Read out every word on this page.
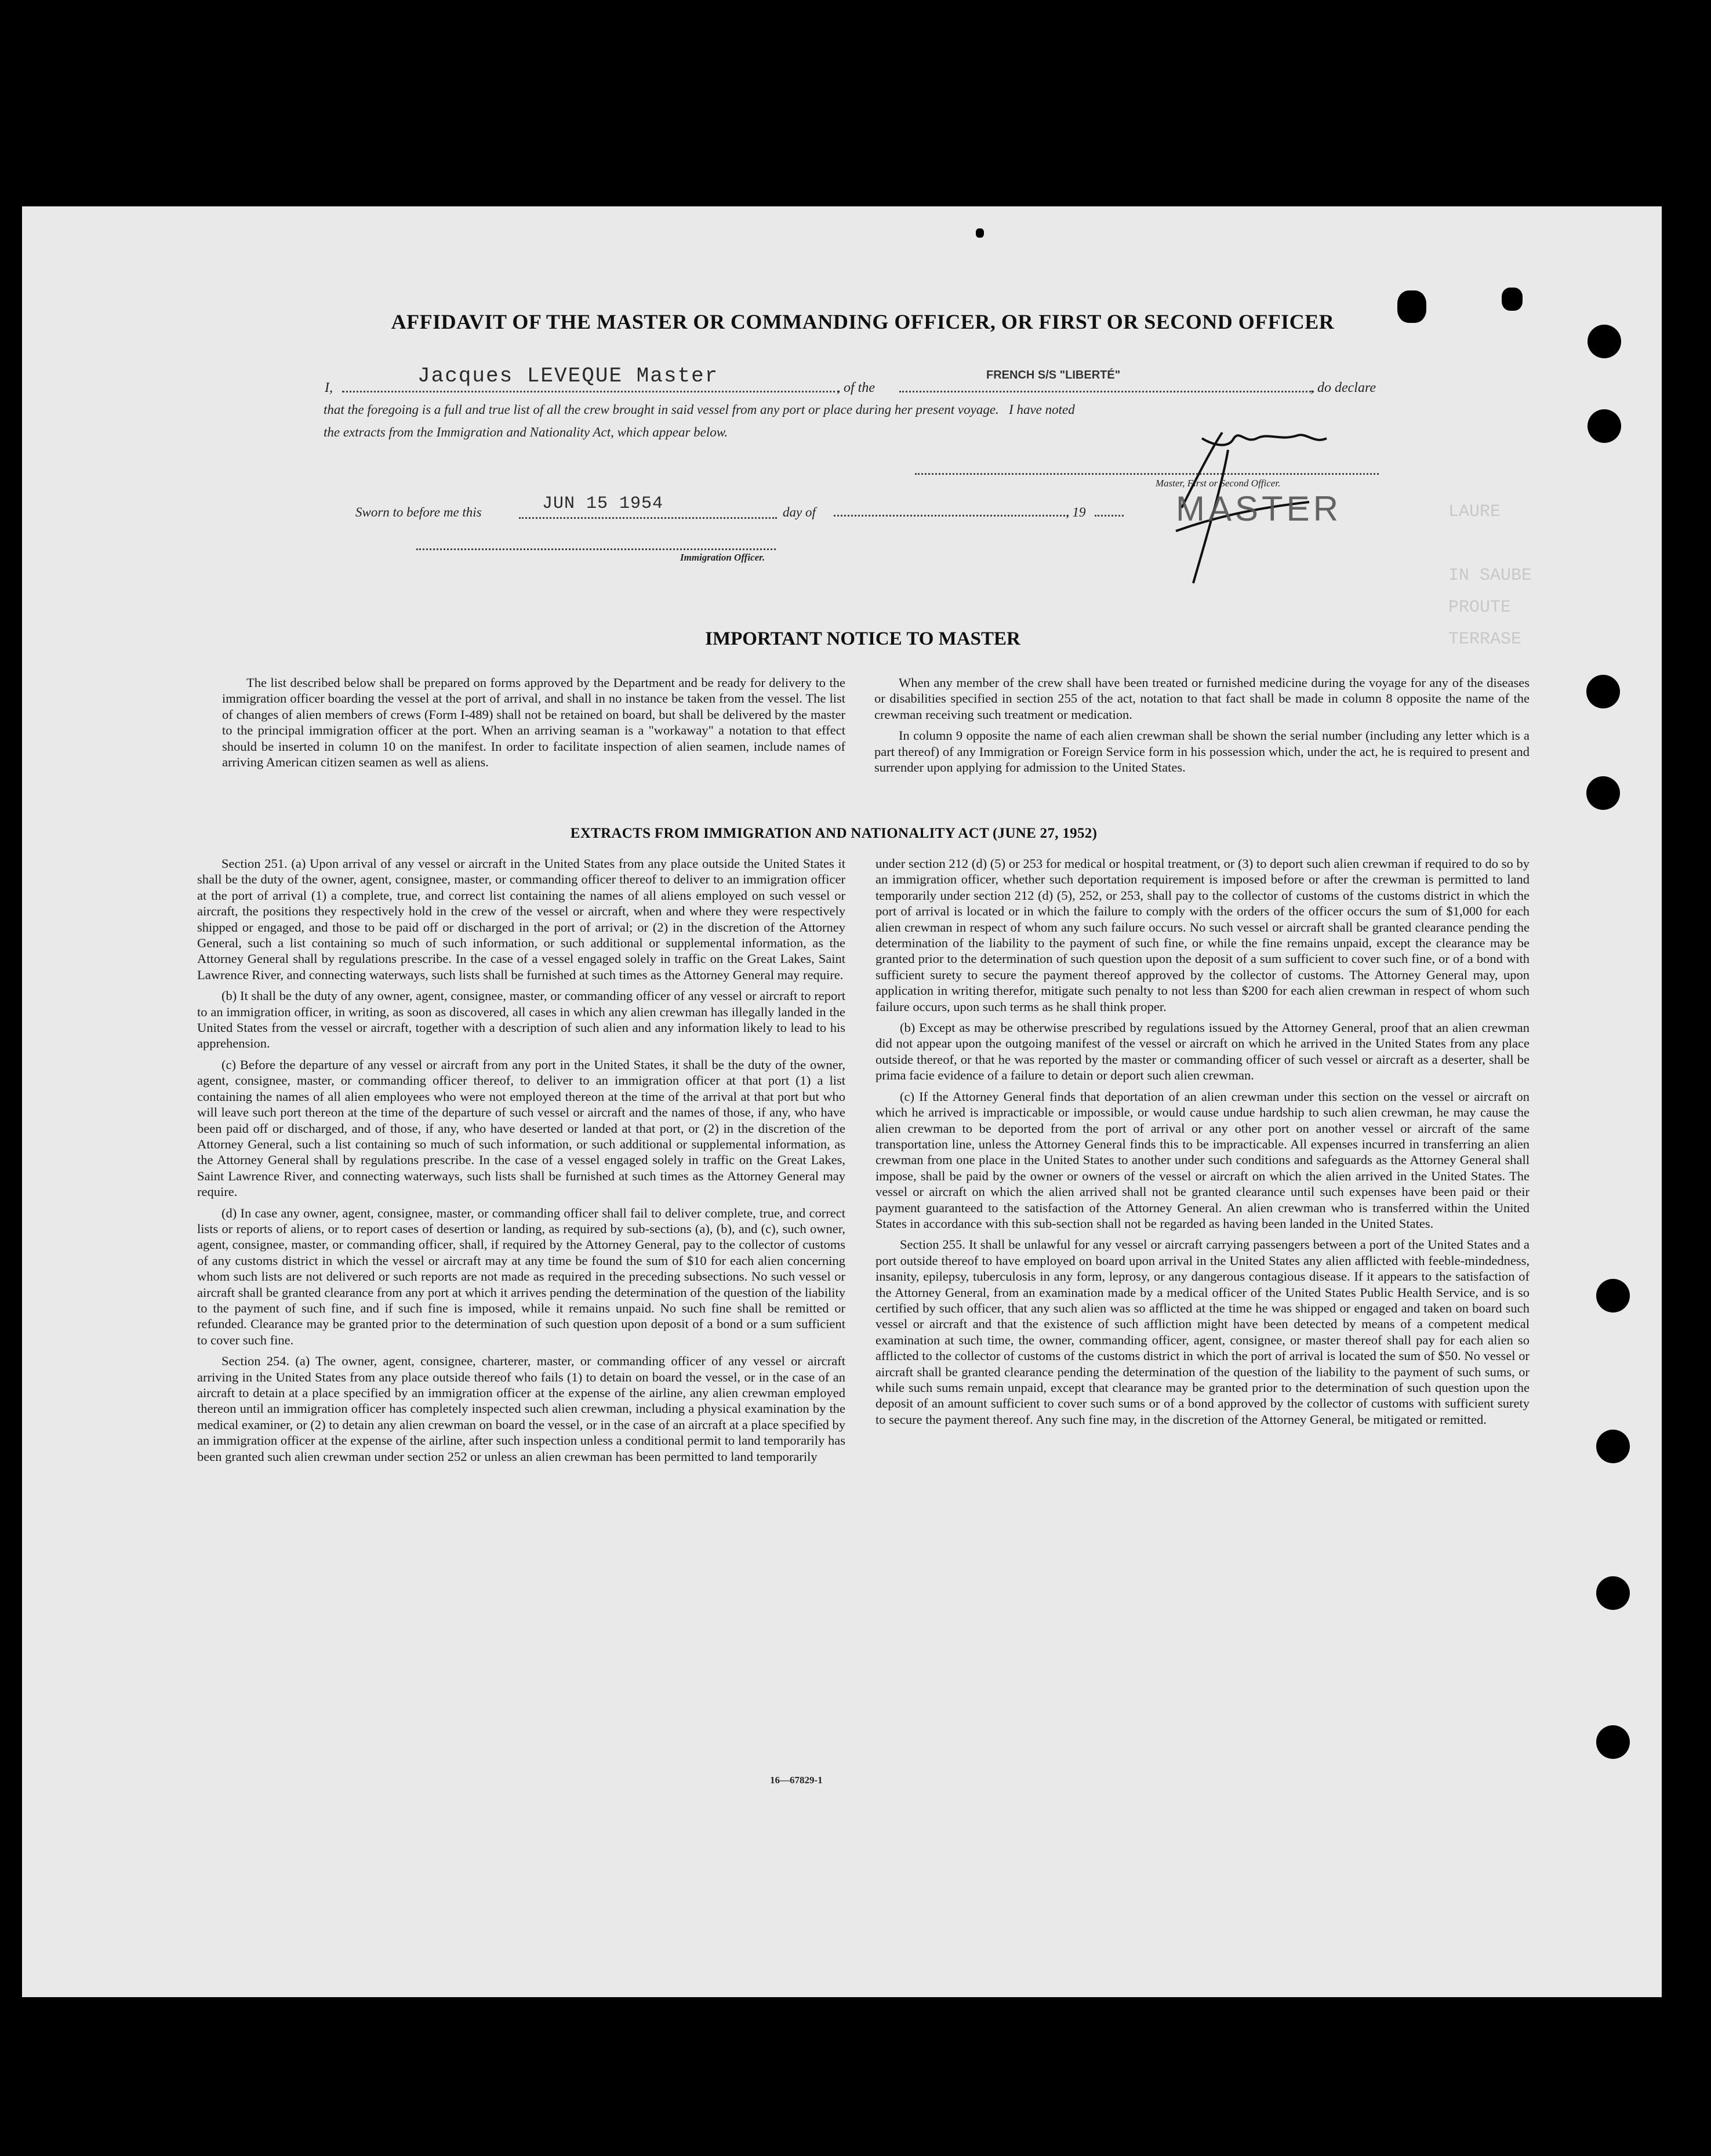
LAURE
IN SAUBE
PROUTE
TERRASE
AFFIDAVIT OF THE MASTER OR COMMANDING OFFICER, OR FIRST OR SECOND OFFICER
I,	Jacques LEVEQUE Master	, of the
FRENCH S/S "LIBERTÉ"
, do declare
that the foregoing is a full and true list of all the crew brought in said vessel from any port or place during her present voyage.   I have noted
the extracts from the Immigration and Nationality Act, which appear below.
Master, First or Second Officer.
MASTER
Sworn to before me this	JUN 15 1954	day of	, 19
Immigration Officer.
IMPORTANT NOTICE TO MASTER

The list described below shall be prepared on forms approved by the Department and be ready for delivery to the immigration officer boarding the vessel at the port of arrival, and shall in no instance be taken from the vessel. The list of changes of alien members of crews (Form I-489) shall not be retained on board, but shall be delivered by the master to the principal immigration officer at the port. When an arriving seaman is a "workaway" a notation to that effect should be inserted in column 10 on the manifest. In order to facilitate inspection of alien seamen, include names of arriving American citizen seamen as well as aliens.

When any member of the crew shall have been treated or furnished medicine during the voyage for any of the diseases or disabilities specified in section 255 of the act, notation to that fact shall be made in column 8 opposite the name of the crewman receiving such treatment or medication.

In column 9 opposite the name of each alien crewman shall be shown the serial number (including any letter which is a part thereof) of any Immigration or Foreign Service form in his possession which, under the act, he is required to present and surrender upon applying for admission to the United States.

EXTRACTS FROM IMMIGRATION AND NATIONALITY ACT (JUNE 27, 1952)

Section 251. (a) Upon arrival of any vessel or aircraft in the United States from any place outside the United States it shall be the duty of the owner, agent, consignee, master, or commanding officer thereof to deliver to an immigration officer at the port of arrival (1) a complete, true, and correct list containing the names of all aliens employed on such vessel or aircraft, the positions they respectively hold in the crew of the vessel or aircraft, when and where they were respectively shipped or engaged, and those to be paid off or discharged in the port of arrival; or (2) in the discretion of the Attorney General, such a list containing so much of such information, or such additional or supplemental information, as the Attorney General shall by regulations prescribe. In the case of a vessel engaged solely in traffic on the Great Lakes, Saint Lawrence River, and connecting waterways, such lists shall be furnished at such times as the Attorney General may require.

(b) It shall be the duty of any owner, agent, consignee, master, or commanding officer of any vessel or aircraft to report to an immigration officer, in writing, as soon as discovered, all cases in which any alien crewman has illegally landed in the United States from the vessel or aircraft, together with a description of such alien and any information likely to lead to his apprehension.

(c) Before the departure of any vessel or aircraft from any port in the United States, it shall be the duty of the owner, agent, consignee, master, or commanding officer thereof, to deliver to an immigration officer at that port (1) a list containing the names of all alien employees who were not employed thereon at the time of the arrival at that port but who will leave such port thereon at the time of the departure of such vessel or aircraft and the names of those, if any, who have been paid off or discharged, and of those, if any, who have deserted or landed at that port, or (2) in the discretion of the Attorney General, such a list containing so much of such information, or such additional or supplemental information, as the Attorney General shall by regulations prescribe. In the case of a vessel engaged solely in traffic on the Great Lakes, Saint Lawrence River, and connecting waterways, such lists shall be furnished at such times as the Attorney General may require.

(d) In case any owner, agent, consignee, master, or commanding officer shall fail to deliver complete, true, and correct lists or reports of aliens, or to report cases of desertion or landing, as required by sub-sections (a), (b), and (c), such owner, agent, consignee, master, or commanding officer, shall, if required by the Attorney General, pay to the collector of customs of any customs district in which the vessel or aircraft may at any time be found the sum of $10 for each alien concerning whom such lists are not delivered or such reports are not made as required in the preceding subsections. No such vessel or aircraft shall be granted clearance from any port at which it arrives pending the determination of the question of the liability to the payment of such fine, and if such fine is imposed, while it remains unpaid. No such fine shall be remitted or refunded. Clearance may be granted prior to the determination of such question upon deposit of a bond or a sum sufficient to cover such fine.

Section 254. (a) The owner, agent, consignee, charterer, master, or commanding officer of any vessel or aircraft arriving in the United States from any place outside thereof who fails (1) to detain on board the vessel, or in the case of an aircraft to detain at a place specified by an immigration officer at the expense of the airline, any alien crewman employed thereon until an immigration officer has completely inspected such alien crewman, including a physical examination by the medical examiner, or (2) to detain any alien crewman on board the vessel, or in the case of an aircraft at a place specified by an immigration officer at the expense of the airline, after such inspection unless a conditional permit to land temporarily has been granted such alien crewman under section 252 or unless an alien crewman has been permitted to land temporarily

under section 212 (d) (5) or 253 for medical or hospital treatment, or (3) to deport such alien crewman if required to do so by an immigration officer, whether such deportation requirement is imposed before or after the crewman is permitted to land temporarily under section 212 (d) (5), 252, or 253, shall pay to the collector of customs of the customs district in which the port of arrival is located or in which the failure to comply with the orders of the officer occurs the sum of $1,000 for each alien crewman in respect of whom any such failure occurs. No such vessel or aircraft shall be granted clearance pending the determination of the liability to the payment of such fine, or while the fine remains unpaid, except the clearance may be granted prior to the determination of such question upon the deposit of a sum sufficient to cover such fine, or of a bond with sufficient surety to secure the payment thereof approved by the collector of customs. The Attorney General may, upon application in writing therefor, mitigate such penalty to not less than $200 for each alien crewman in respect of whom such failure occurs, upon such terms as he shall think proper.

(b) Except as may be otherwise prescribed by regulations issued by the Attorney General, proof that an alien crewman did not appear upon the outgoing manifest of the vessel or aircraft on which he arrived in the United States from any place outside thereof, or that he was reported by the master or commanding officer of such vessel or aircraft as a deserter, shall be prima facie evidence of a failure to detain or deport such alien crewman.

(c) If the Attorney General finds that deportation of an alien crewman under this section on the vessel or aircraft on which he arrived is impracticable or impossible, or would cause undue hardship to such alien crewman, he may cause the alien crewman to be deported from the port of arrival or any other port on another vessel or aircraft of the same transportation line, unless the Attorney General finds this to be impracticable. All expenses incurred in transferring an alien crewman from one place in the United States to another under such conditions and safeguards as the Attorney General shall impose, shall be paid by the owner or owners of the vessel or aircraft on which the alien arrived in the United States. The vessel or aircraft on which the alien arrived shall not be granted clearance until such expenses have been paid or their payment guaranteed to the satisfaction of the Attorney General. An alien crewman who is transferred within the United States in accordance with this sub-section shall not be regarded as having been landed in the United States.

Section 255. It shall be unlawful for any vessel or aircraft carrying passengers between a port of the United States and a port outside thereof to have employed on board upon arrival in the United States any alien afflicted with feeble-mindedness, insanity, epilepsy, tuberculosis in any form, leprosy, or any dangerous contagious disease. If it appears to the satisfaction of the Attorney General, from an examination made by a medical officer of the United States Public Health Service, and is so certified by such officer, that any such alien was so afflicted at the time he was shipped or engaged and taken on board such vessel or aircraft and that the existence of such affliction might have been detected by means of a competent medical examination at such time, the owner, commanding officer, agent, consignee, or master thereof shall pay for each alien so afflicted to the collector of customs of the customs district in which the port of arrival is located the sum of $50. No vessel or aircraft shall be granted clearance pending the determination of the question of the liability to the payment of such sums, or while such sums remain unpaid, except that clearance may be granted prior to the determination of such question upon the deposit of an amount sufficient to cover such sums or of a bond approved by the collector of customs with sufficient surety to secure the payment thereof. Any such fine may, in the discretion of the Attorney General, be mitigated or remitted.

16—67829-1
